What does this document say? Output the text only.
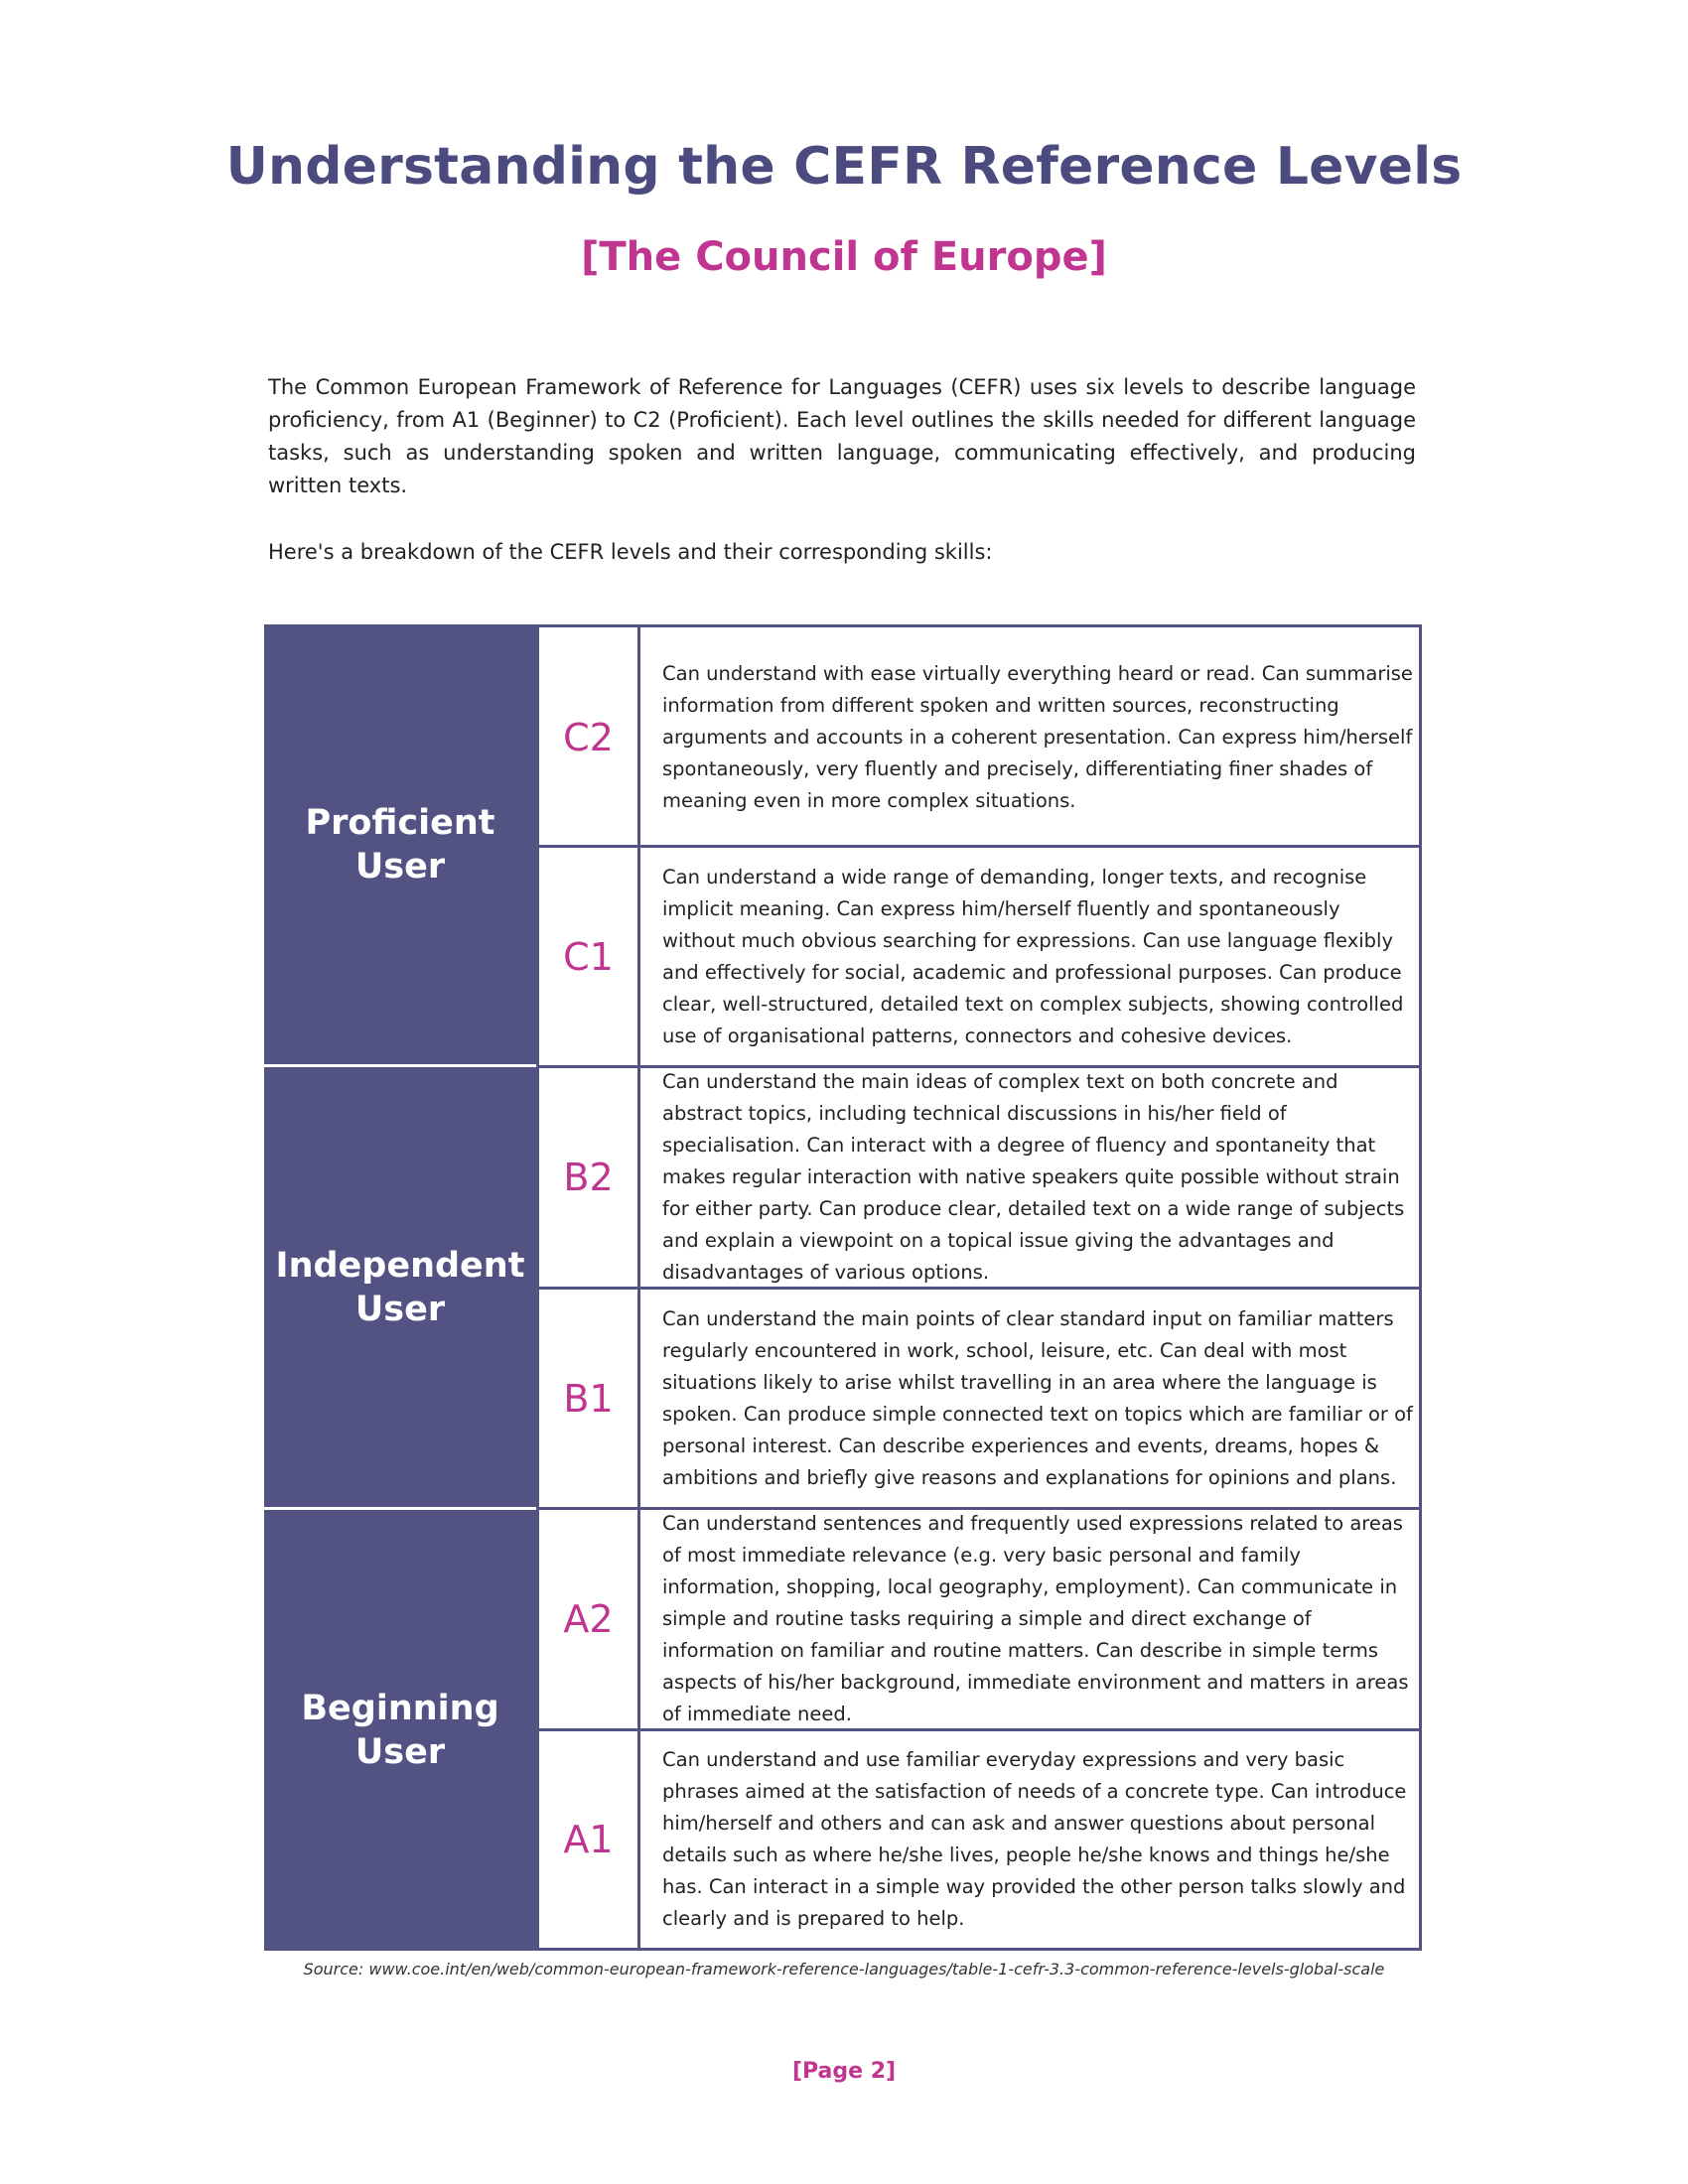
Understanding the CEFR Reference Levels
[The Council of Europe]

The Common European Framework of Reference for Languages (CEFR) uses six levels to describe language proficiency, from A1 (Beginner) to C2 (Proficient). Each level outlines the skills needed for different language tasks, such as understanding spoken and written language, communicating effectively, and producing written texts.

Here's a breakdown of the CEFR levels and their corresponding skills:

Proficient
User
Independent
User
Beginning
User
C2
Can understand with ease virtually everything heard or read. Can summarise information from different spoken and written sources, reconstructing arguments and accounts in a coherent presentation. Can express him/herself spontaneously, very fluently and precisely, differentiating finer shades of meaning even in more complex situations.
C1
Can understand a wide range of demanding, longer texts, and recognise implicit meaning. Can express him/herself fluently and spontaneously without much obvious searching for expressions. Can use language flexibly and effectively for social, academic and professional purposes. Can produce clear, well-structured, detailed text on complex subjects, showing controlled use of organisational patterns, connectors and cohesive devices.
B2
Can understand the main ideas of complex text on both concrete and abstract topics, including technical discussions in his/her field of specialisation. Can interact with a degree of fluency and spontaneity that makes regular interaction with native speakers quite possible without strain for either party. Can produce clear, detailed text on a wide range of subjects and explain a viewpoint on a topical issue giving the advantages and disadvantages of various options.
B1
Can understand the main points of clear standard input on familiar matters regularly encountered in work, school, leisure, etc. Can deal with most situations likely to arise whilst travelling in an area where the language is spoken. Can produce simple connected text on topics which are familiar or of personal interest. Can describe experiences and events, dreams, hopes & ambitions and briefly give reasons and explanations for opinions and plans.
A2
Can understand sentences and frequently used expressions related to areas of most immediate relevance (e.g. very basic personal and family information, shopping, local geography, employment). Can communicate in simple and routine tasks requiring a simple and direct exchange of information on familiar and routine matters. Can describe in simple terms aspects of his/her background, immediate environment and matters in areas of immediate need.
A1
Can understand and use familiar everyday expressions and very basic phrases aimed at the satisfaction of needs of a concrete type. Can introduce him/herself and others and can ask and answer questions about personal details such as where he/she lives, people he/she knows and things he/she has. Can interact in a simple way provided the other person talks slowly and clearly and is prepared to help.

Source: www.coe.int/en/web/common-european-framework-reference-languages/table-1-cefr-3.3-common-reference-levels-global-scale

[Page 2]
